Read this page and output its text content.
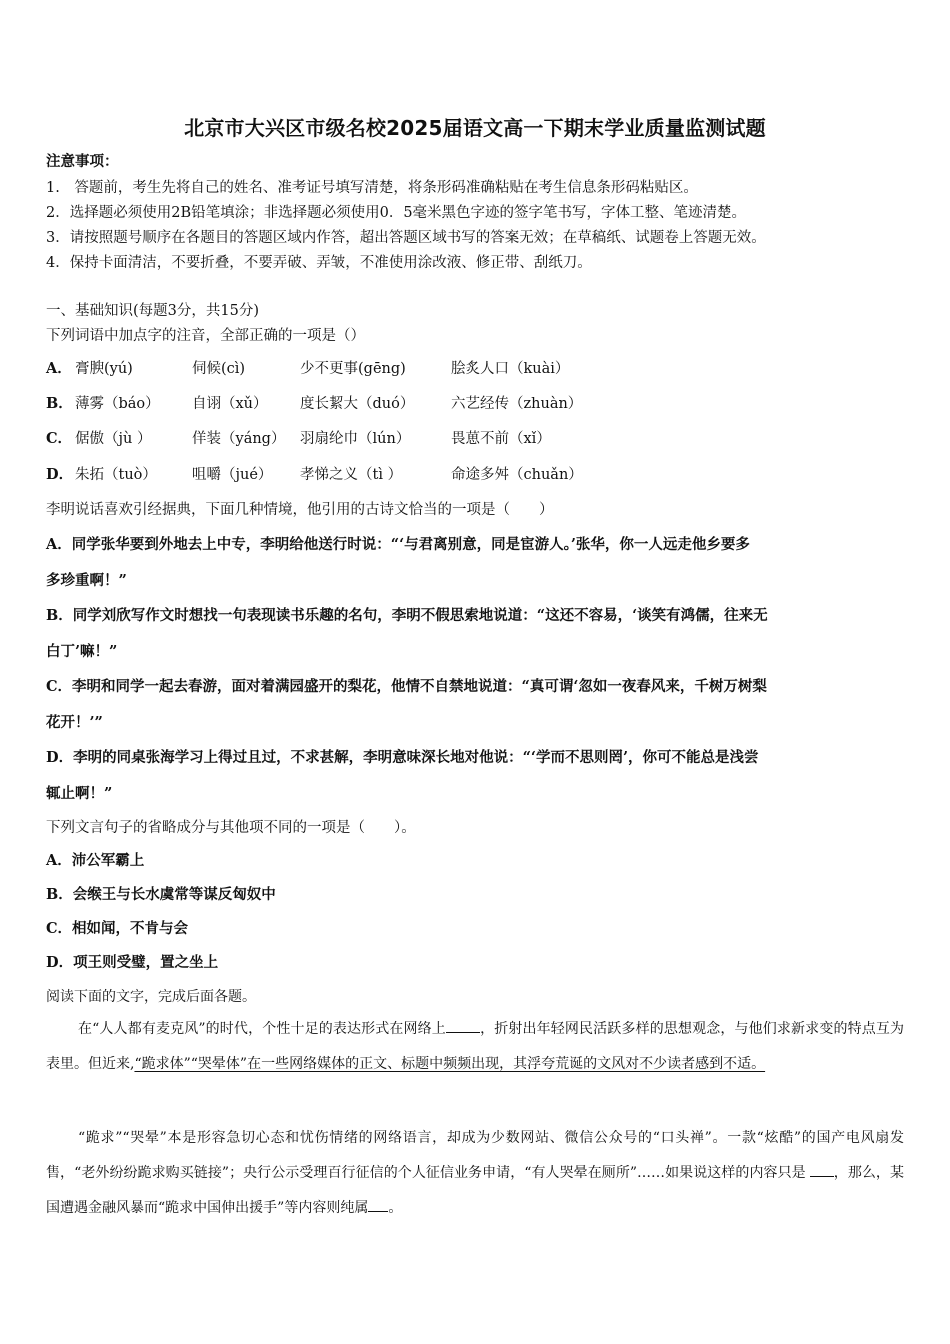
北京市大兴区市级名校2025届语文高一下期末学业质量监测试题
注意事项：
1.　答题前，考生先将自己的姓名、准考证号填写清楚，将条形码准确粘贴在考生信息条形码粘贴区。
2．选择题必须使用2B铅笔填涂；非选择题必须使用0．5毫米黑色字迹的签字笔书写，字体工整、笔迹清楚。
3．请按照题号顺序在各题目的答题区域内作答，超出答题区域书写的答案无效；在草稿纸、试题卷上答题无效。
4．保持卡面清洁，不要折叠，不要弄破、弄皱，不准使用涂改液、修正带、刮纸刀。
一、基础知识(每题3分，共15分)
下列词语中加点字的注音，全部正确的一项是（）
A． 膏腴(yú)	伺候(cì)	少不更事(gēng)	脍炙人口（kuài）
B． 薄雾（báo） 自诩（xǔ） 度长絜大（duó）	六艺经传（zhuàn）
C． 倨傲（jù ）	佯装（yáng） 羽扇纶巾（lún）	畏葸不前（xǐ）
D． 朱拓（tuò） 咀嚼（jué） 孝悌之义（tì ）	命途多舛（chuǎn）
李明说话喜欢引经据典，下面几种情境，他引用的古诗文恰当的一项是（　　）
A．同学张华要到外地去上中专，李明给他送行时说：“‘与君离别意，同是宦游人。’张华，你一人远走他乡要多
多珍重啊！”
B．同学刘欣写作文时想找一句表现读书乐趣的名句，李明不假思索地说道：“这还不容易，‘谈笑有鸿儒，往来无
白丁’嘛！”
C．李明和同学一起去春游，面对着满园盛开的梨花，他情不自禁地说道：“真可谓‘忽如一夜春风来，千树万树梨
花开！’”
D．李明的同桌张海学习上得过且过，不求甚解，李明意味深长地对他说：“‘学而不思则罔’，你可不能总是浅尝
辄止啊！”
下列文言句子的省略成分与其他项不同的一项是（　　）。
A．沛公军霸上
B．会缑王与长水虞常等谋反匈奴中
C．相如闻，不肯与会
D．项王则受璧，置之坐上
阅读下面的文字，完成后面各题。
在“人人都有麦克风”的时代，个性十足的表达形式在网络上 ，折射出年轻网民活跃多样的思想观念，与他们求新求变的特点互为表里。但近来,“跪求体”“哭晕体”在一些网络媒体的正文、标题中频频出现，其浮夸荒诞的文风对不少读者感到不适。
“跪求”“哭晕”本是形容急切心态和忧伤情绪的网络语言，却成为少数网站、微信公众号的“口头禅”。一款“炫酷”的国产电风扇发售，“老外纷纷跪求购买链接”；央行公示受理百行征信的个人征信业务申请，“有人哭晕在厕所”……如果说这样的内容只是 ，那么，某国遭遇金融风暴而“跪求中国伸出援手”等内容则纯属 。
